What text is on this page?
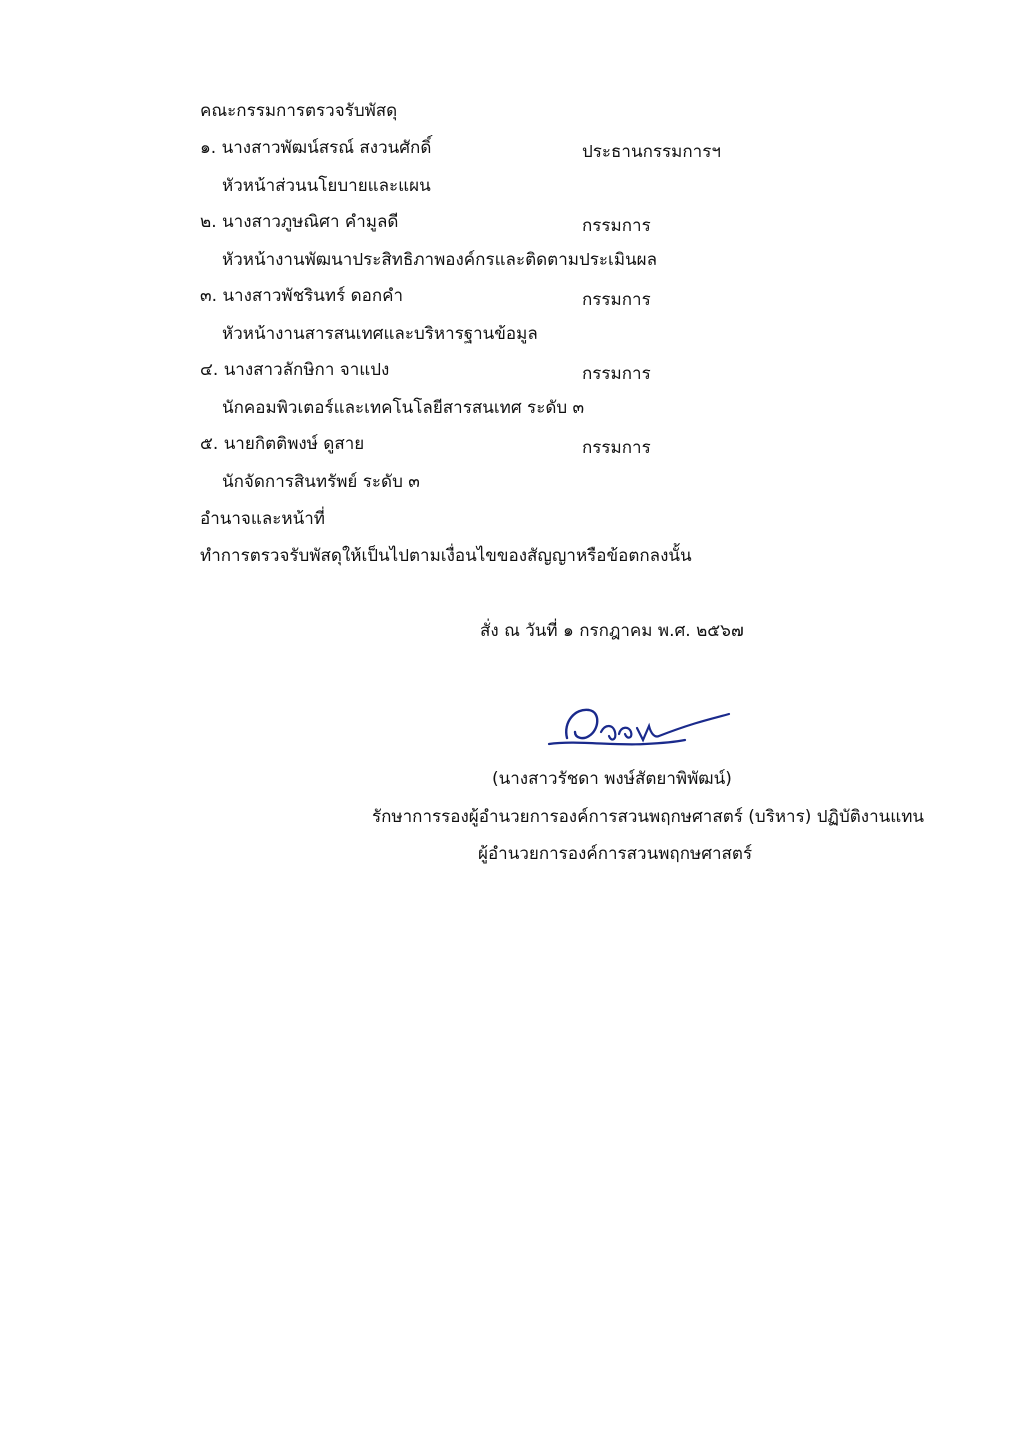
คณะกรรมการตรวจรับพัสดุ
๑. นางสาวพัฒน์สรณ์ สงวนศักดิ์	ประธานกรรมการฯ
หัวหน้าส่วนนโยบายและแผน
๒. นางสาวภูษณิศา คำมูลดี	กรรมการ
หัวหน้างานพัฒนาประสิทธิภาพองค์กรและติดตามประเมินผล
๓. นางสาวพัชรินทร์ ดอกคำ	กรรมการ
หัวหน้างานสารสนเทศและบริหารฐานข้อมูล
๔. นางสาวลักษิกา จาแปง	กรรมการ
นักคอมพิวเตอร์และเทคโนโลยีสารสนเทศ ระดับ ๓
๕. นายกิตติพงษ์ ดูสาย	กรรมการ
นักจัดการสินทรัพย์ ระดับ ๓
อำนาจและหน้าที่
ทำการตรวจรับพัสดุให้เป็นไปตามเงื่อนไขของสัญญาหรือข้อตกลงนั้น
สั่ง ณ วันที่ ๑ กรกฎาคม พ.ศ. ๒๕๖๗
(นางสาวรัชดา พงษ์สัตยาพิพัฒน์)
รักษาการรองผู้อำนวยการองค์การสวนพฤกษศาสตร์ (บริหาร) ปฏิบัติงานแทน
ผู้อำนวยการองค์การสวนพฤกษศาสตร์
